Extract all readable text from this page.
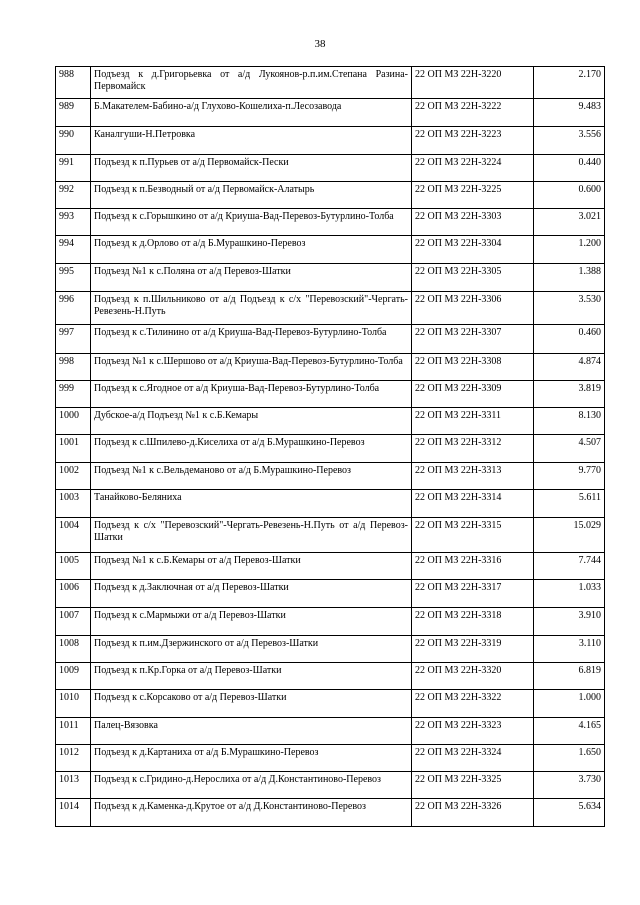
38
988	Подъезд к д.Григорьевка от а/д Лукоянов-р.п.им.Степана Разина-Первомайск	22 ОП МЗ 22Н-3220	2.170
989	Б.Макателем-Бабино-а/д Глухово-Кошелиха-п.Лесозавода	22 ОП МЗ 22Н-3222	9.483
990	Каналгуши-Н.Петровка	22 ОП МЗ 22Н-3223	3.556
991	Подъезд к п.Пурьев от а/д Первомайск-Пески	22 ОП МЗ 22Н-3224	0.440
992	Подъезд к п.Безводный от а/д Первомайск-Алатырь	22 ОП МЗ 22Н-3225	0.600
993	Подъезд к с.Горышкино от а/д Криуша-Вад-Перевоз-Бутурлино-Толба	22 ОП МЗ 22Н-3303	3.021
994	Подъезд к д.Орлово от а/д Б.Мурашкино-Перевоз	22 ОП МЗ 22Н-3304	1.200
995	Подъезд №1 к с.Поляна от а/д Перевоз-Шатки	22 ОП МЗ 22Н-3305	1.388
996	Подъезд к п.Шильниково от а/д Подъезд к с/х "Перевозский"-Чергать-Ревезень-Н.Путь	22 ОП МЗ 22Н-3306	3.530
997	Подъезд к с.Тилинино от а/д Криуша-Вад-Перевоз-Бутурлино-Толба	22 ОП МЗ 22Н-3307	0.460
998	Подъезд №1 к с.Шершово от а/д Криуша-Вад-Перевоз-Бутурлино-Толба	22 ОП МЗ 22Н-3308	4.874
999	Подъезд к с.Ягодное от а/д Криуша-Вад-Перевоз-Бутурлино-Толба	22 ОП МЗ 22Н-3309	3.819
1000	Дубское-а/д Подъезд №1 к с.Б.Кемары	22 ОП МЗ 22Н-3311	8.130
1001	Подъезд к с.Шпилево-д.Киселиха от а/д Б.Мурашкино-Перевоз	22 ОП МЗ 22Н-3312	4.507
1002	Подъезд №1 к с.Вельдеманово от а/д Б.Мурашкино-Перевоз	22 ОП МЗ 22Н-3313	9.770
1003	Танайково-Беляниха	22 ОП МЗ 22Н-3314	5.611
1004	Подъезд к с/х "Перевозский"-Чергать-Ревезень-Н.Путь от а/д Перевоз-Шатки	22 ОП МЗ 22Н-3315	15.029
1005	Подъезд №1 к с.Б.Кемары от а/д Перевоз-Шатки	22 ОП МЗ 22Н-3316	7.744
1006	Подъезд к д.Заключная от а/д Перевоз-Шатки	22 ОП МЗ 22Н-3317	1.033
1007	Подъезд к с.Мармыжи от а/д Перевоз-Шатки	22 ОП МЗ 22Н-3318	3.910
1008	Подъезд к п.им.Дзержинского от а/д Перевоз-Шатки	22 ОП МЗ 22Н-3319	3.110
1009	Подъезд к п.Кр.Горка от а/д Перевоз-Шатки	22 ОП МЗ 22Н-3320	6.819
1010	Подъезд к с.Корсаково от а/д Перевоз-Шатки	22 ОП МЗ 22Н-3322	1.000
1011	Палец-Вязовка	22 ОП МЗ 22Н-3323	4.165
1012	Подъезд к д.Картаниха от а/д Б.Мурашкино-Перевоз	22 ОП МЗ 22Н-3324	1.650
1013	Подъезд к с.Гридино-д.Нерослиха от а/д Д.Константиново-Перевоз	22 ОП МЗ 22Н-3325	3.730
1014	Подъезд к д.Каменка-д.Крутое от а/д Д.Константиново-Перевоз	22 ОП МЗ 22Н-3326	5.634
